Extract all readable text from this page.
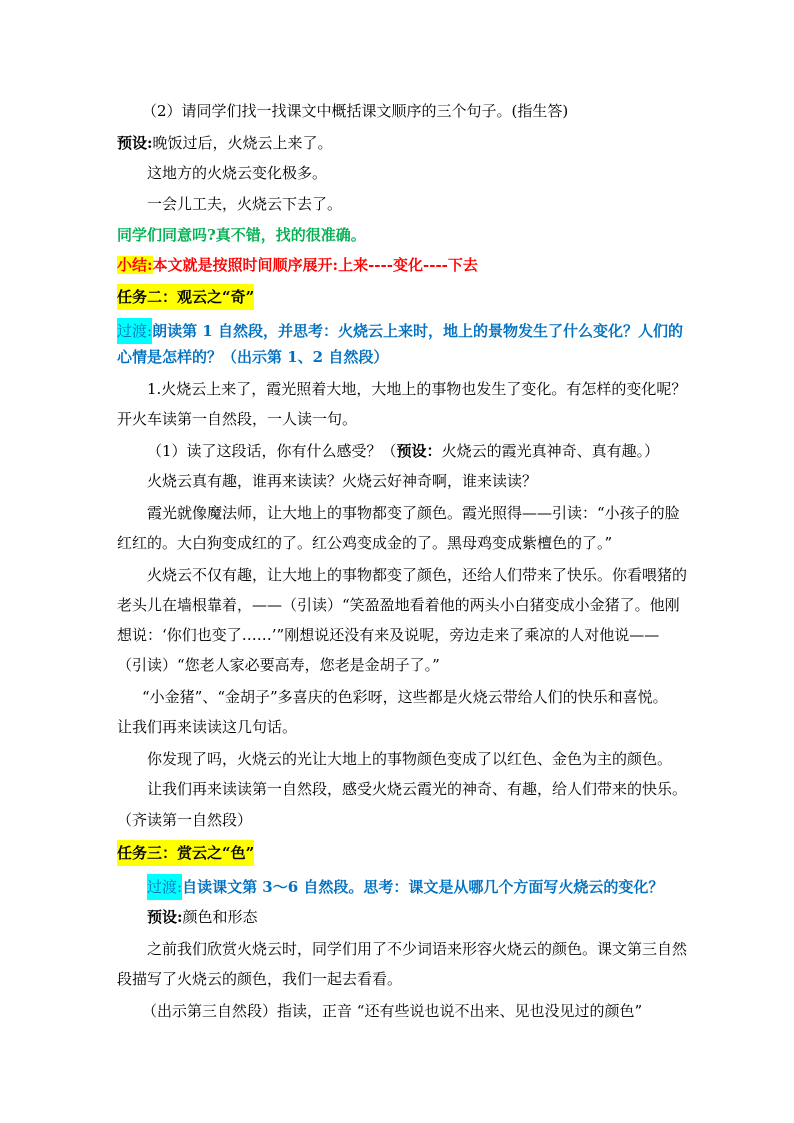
（2）请同学们找一找课文中概括课文顺序的三个句子。(指生答)
预设:晚饭过后，火烧云上来了。
这地方的火烧云变化极多。
一会儿工夫，火烧云下去了。
同学们同意吗?真不错，找的很准确。
小结:本文就是按照时间顺序展开:上来----变化----下去
任务二：观云之“奇”
过渡:朗读第 1 自然段，并思考：火烧云上来时，地上的景物发生了什么变化？人们的
心情是怎样的？（出示第 1、2 自然段）
1.火烧云上来了，霞光照着大地，大地上的事物也发生了变化。有怎样的变化呢？
开火车读第一自然段，一人读一句。
（1）读了这段话，你有什么感受？（预设：火烧云的霞光真神奇、真有趣。）
火烧云真有趣，谁再来读读？火烧云好神奇啊，谁来读读？
霞光就像魔法师，让大地上的事物都变了颜色。霞光照得——引读：“小孩子的脸
红红的。大白狗变成红的了。红公鸡变成金的了。黑母鸡变成紫檀色的了。”
火烧云不仅有趣，让大地上的事物都变了颜色，还给人们带来了快乐。你看喂猪的
老头儿在墙根靠着，——（引读）“笑盈盈地看着他的两头小白猪变成小金猪了。他刚
想说：‘你们也变了……’”刚想说还没有来及说呢，旁边走来了乘凉的人对他说——
（引读）“您老人家必要高寿，您老是金胡子了。”
“小金猪”、“金胡子”多喜庆的色彩呀，这些都是火烧云带给人们的快乐和喜悦。
让我们再来读读这几句话。
你发现了吗，火烧云的光让大地上的事物颜色变成了以红色、金色为主的颜色。
让我们再来读读第一自然段，感受火烧云霞光的神奇、有趣，给人们带来的快乐。
（齐读第一自然段）
任务三：赏云之“色”
过渡:自读课文第 3～6 自然段。思考：课文是从哪几个方面写火烧云的变化？
预设:颜色和形态
之前我们欣赏火烧云时，同学们用了不少词语来形容火烧云的颜色。课文第三自然
段描写了火烧云的颜色，我们一起去看看。
（出示第三自然段）指读，正音 “还有些说也说不出来、见也没见过的颜色”
